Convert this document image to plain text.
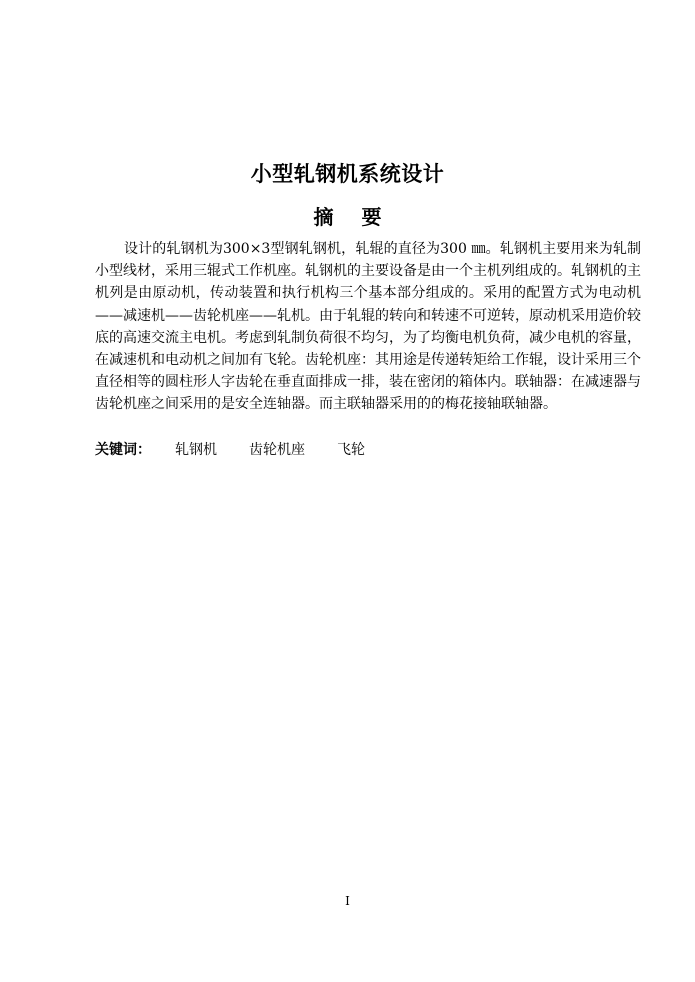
小型轧钢机系统设计
摘要

设计的轧钢机为300×3型钢轧钢机，轧辊的直径为300 ㎜。轧钢机主要用来为轧制小型线材，采用三辊式工作机座。轧钢机的主要设备是由一个主机列组成的。轧钢机的主机列是由原动机，传动装置和执行机构三个基本部分组成的。采用的配置方式为电动机——减速机——齿轮机座——轧机。由于轧辊的转向和转速不可逆转，原动机采用造价较底的高速交流主电机。考虑到轧制负荷很不均匀，为了均衡电机负荷，减少电机的容量，在减速机和电动机之间加有飞轮。齿轮机座：其用途是传递转矩给工作辊，设计采用三个直径相等的圆柱形人字齿轮在垂直面排成一排，装在密闭的箱体内。联轴器：在减速器与齿轮机座之间采用的是安全连轴器。而主联轴器采用的的梅花接轴联轴器。

关键词： 轧钢机 齿轮机座 飞轮
I
